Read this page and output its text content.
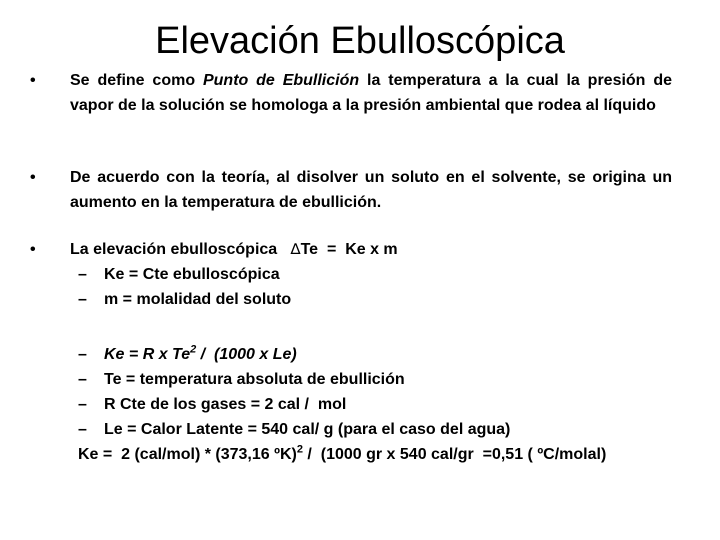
Elevación Ebulloscópica
• Se define como Punto de Ebullición la temperatura a la cual la presión de vapor de la solución se homologa a la presión ambiental que rodea al líquido
• De acuerdo con la teoría, al disolver un soluto en el solvente, se origina un aumento en la temperatura de ebullición.
• La elevación ebulloscópica   ∆Te  =  Ke x m
– Ke = Cte ebulloscópica
– m = molalidad del soluto
– Ke = R x Te$^2$ /  (1000 x Le)
– Te = temperatura absoluta de ebullición
– R Cte de los gases = 2 cal /  mol
– Le = Calor Latente = 540 cal/ g (para el caso del agua)
Ke =  2 (cal/mol) * (373,16 ºK)$^2$ /  (1000 gr x 540 cal/gr  =0,51 ( ºC/molal)
